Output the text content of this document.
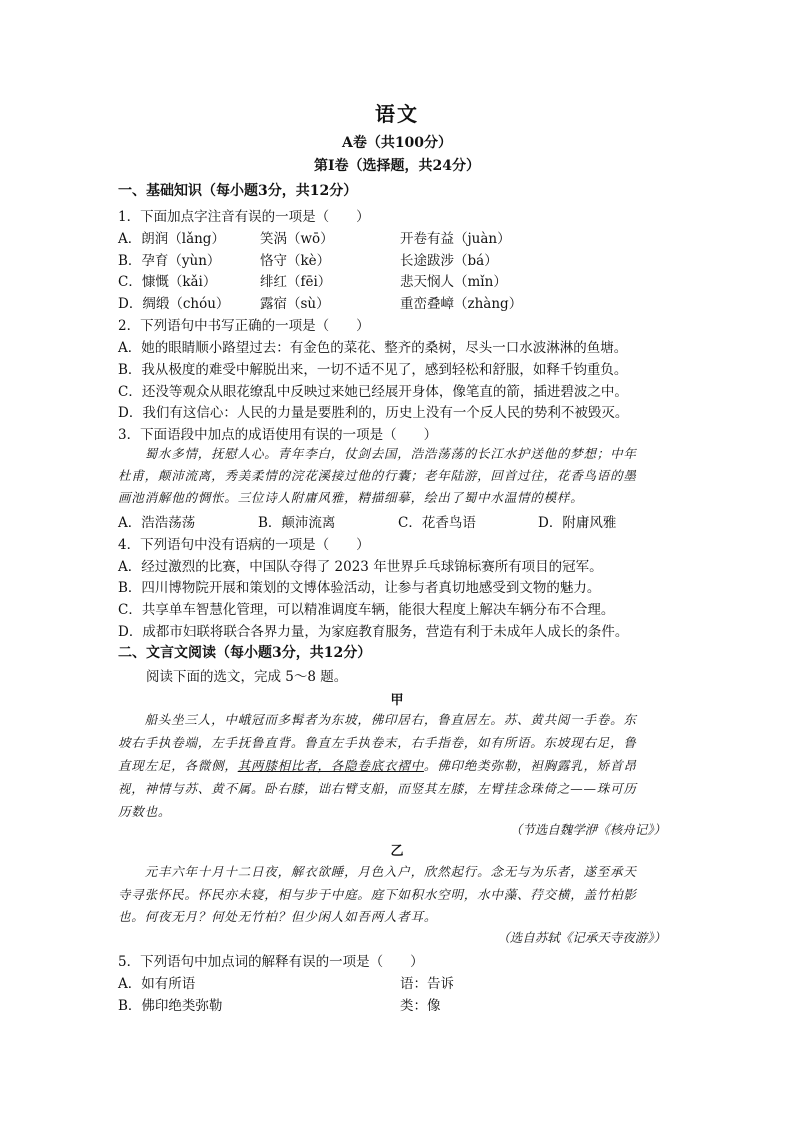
语文
A卷（共100分）
第Ⅰ卷（选择题，共24分）
一、基础知识（每小题3分，共12分）
1．下面加点字注音有误的一项是（　　）
A．朗润（lǎng）	笑涡（wō）	开卷有益（juàn）
B．孕育（yùn）	恪守（kè）	长途跋涉（bá）
C．慷慨（kǎi）	绯红（fēi）	悲天悯人（mǐn）
D．绸缎（chóu） 露宿（sù）	重峦叠嶂（zhàng）
2．下列语句中书写正确的一项是（　　）
A．她的眼睛顺小路望过去：有金色的菜花、整齐的桑树，尽头一口水波淋淋的鱼塘。
B．我从极度的难受中解脱出来，一切不适不见了，感到轻松和舒服，如释千钧重负。
C．还没等观众从眼花缭乱中反映过来她已经展开身体，像笔直的箭，插进碧波之中。
D．我们有这信心：人民的力量是要胜利的，历史上没有一个反人民的势利不被毁灭。
3．下面语段中加点的成语使用有误的一项是（　　）
　　蜀水多情，抚慰人心。青年李白，仗剑去国，浩浩荡荡的长江水护送他的梦想；中年
杜甫，颠沛流离，秀美柔情的浣花溪接过他的行囊；老年陆游，回首过往，花香鸟语的墨
画池消解他的惆怅。三位诗人附庸风雅，精描细摹，绘出了蜀中水温情的模样。
A．浩浩荡荡	B．颠沛流离	C．花香鸟语	D．附庸风雅
4．下列语句中没有语病的一项是（　　）
A．经过激烈的比赛，中国队夺得了 2023 年世界乒乓球锦标赛所有项目的冠军。
B．四川博物院开展和策划的文博体验活动，让参与者真切地感受到文物的魅力。
C．共享单车智慧化管理，可以精准调度车辆，能很大程度上解决车辆分布不合理。
D．成都市妇联将联合各界力量，为家庭教育服务，营造有利于未成年人成长的条件。
二、文言文阅读（每小题3分，共12分）
阅读下面的选文，完成 5～8 题。
甲
　　船头坐三人，中峨冠而多髯者为东坡，佛印居右，鲁直居左。苏、黄共阅一手卷。东
坡右手执卷端，左手抚鲁直背。鲁直左手执卷末，右手指卷，如有所语。东坡现右足，鲁
直现左足，各微侧，其两膝相比者，各隐卷底衣褶中。佛印绝类弥勒，袒胸露乳，矫首昂
视，神情与苏、黄不属。卧右膝，诎右臂支船，而竖其左膝，左臂挂念珠倚之——珠可历
历数也。
（节选自魏学洢《核舟记》）
乙
　　元丰六年十月十二日夜，解衣欲睡，月色入户，欣然起行。念无与为乐者，遂至承天
寺寻张怀民。怀民亦未寝，相与步于中庭。庭下如积水空明，水中藻、荇交横，盖竹柏影
也。何夜无月？何处无竹柏？但少闲人如吾两人者耳。
（选自苏轼《记承天寺夜游》）
5．下列语句中加点词的解释有误的一项是（　　）
A．如有所语	语：告诉
B．佛印绝类弥勒	类：像
